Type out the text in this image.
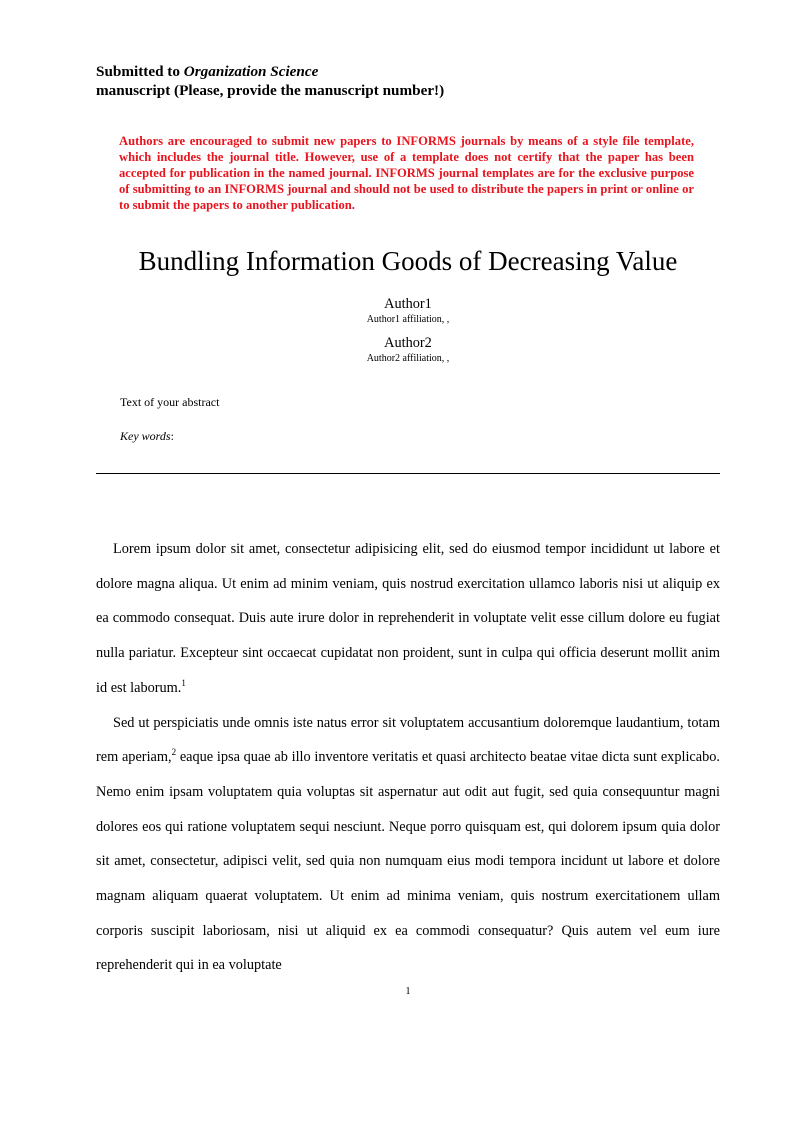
Submitted to Organization Science
manuscript (Please, provide the manuscript number!)
Authors are encouraged to submit new papers to INFORMS journals by means of a style file template, which includes the journal title. However, use of a template does not certify that the paper has been accepted for publication in the named journal. INFORMS journal templates are for the exclusive purpose of submitting to an INFORMS journal and should not be used to distribute the papers in print or online or to submit the papers to another publication.
Bundling Information Goods of Decreasing Value
Author1
Author1 affiliation, ,
Author2
Author2 affiliation, ,
Text of your abstract
Key words:

Lorem ipsum dolor sit amet, consectetur adipisicing elit, sed do eiusmod tempor incididunt ut labore et dolore magna aliqua. Ut enim ad minim veniam, quis nostrud exercitation ullamco laboris nisi ut aliquip ex ea commodo consequat. Duis aute irure dolor in reprehenderit in voluptate velit esse cillum dolore eu fugiat nulla pariatur. Excepteur sint occaecat cupidatat non proident, sunt in culpa qui officia deserunt mollit anim id est laborum.$^1$

Sed ut perspiciatis unde omnis iste natus error sit voluptatem accusantium doloremque laudantium, totam rem aperiam,$^2$ eaque ipsa quae ab illo inventore veritatis et quasi architecto beatae vitae dicta sunt explicabo. Nemo enim ipsam voluptatem quia voluptas sit aspernatur aut odit aut fugit, sed quia consequuntur magni dolores eos qui ratione voluptatem sequi nesciunt. Neque porro quisquam est, qui dolorem ipsum quia dolor sit amet, consectetur, adipisci velit, sed quia non numquam eius modi tempora incidunt ut labore et dolore magnam aliquam quaerat voluptatem. Ut enim ad minima veniam, quis nostrum exercitationem ullam corporis suscipit laboriosam, nisi ut aliquid ex ea commodi consequatur? Quis autem vel eum iure reprehenderit qui in ea voluptate

1
